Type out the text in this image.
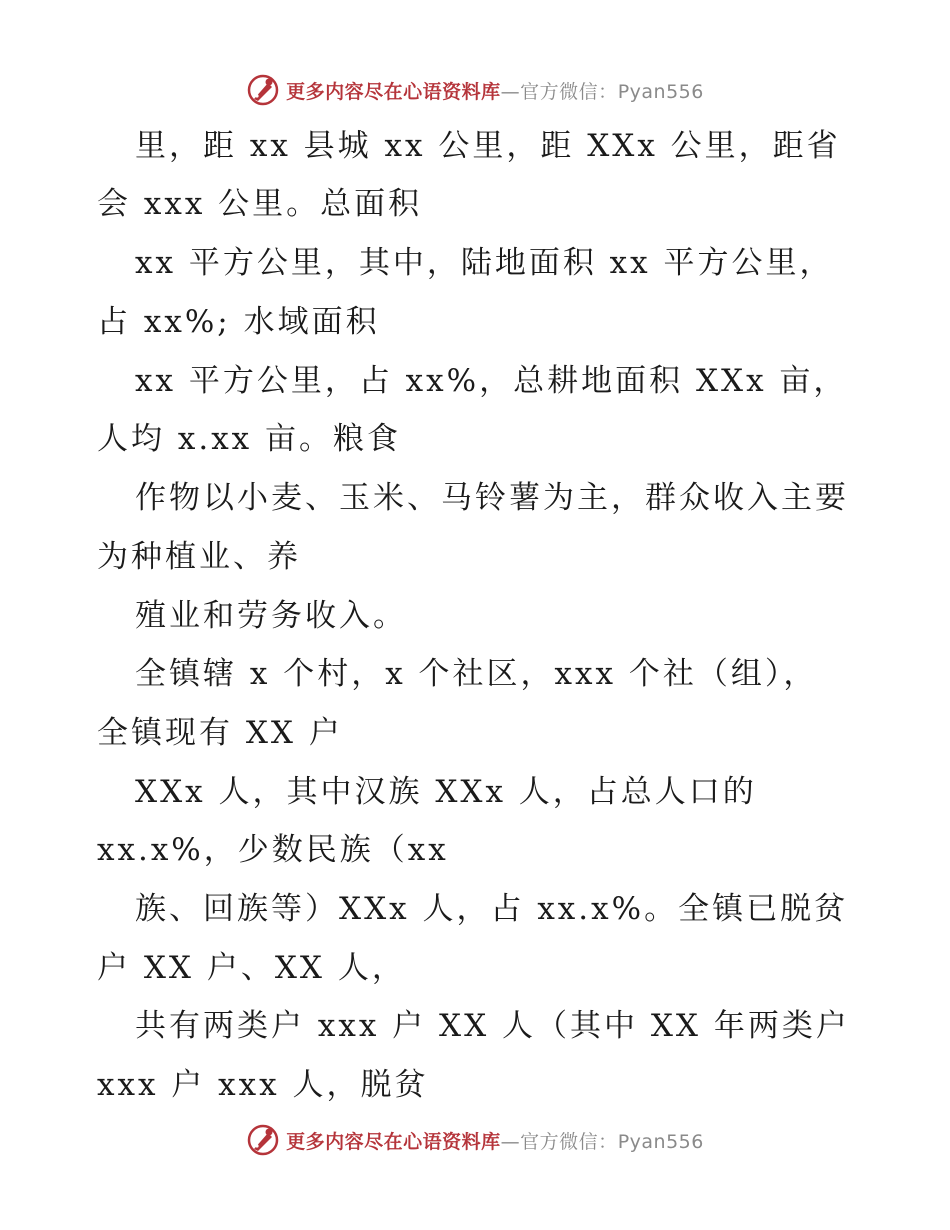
更多内容尽在心语资料库—官方微信：Pyan556
里，距 xx 县城 xx 公里，距 XXx 公里，距省
会 xxx 公里。总面积
xx 平方公里，其中，陆地面积 xx 平方公里，
占 xx%; 水域面积
xx 平方公里，占 xx%，总耕地面积 XXx 亩，
人均 x.xx 亩。粮食
作物以小麦、玉米、马铃薯为主，群众收入主要
为种植业、养
殖业和劳务收入。
全镇辖 x 个村，x 个社区，xxx 个社（组），
全镇现有 XX 户
XXx 人，其中汉族 XXx 人，占总人口的
xx.x%，少数民族（xx
族、回族等）XXx 人，占 xx.x%。全镇已脱贫
户 XX 户、XX 人，
共有两类户 xxx 户 XX 人（其中 XX 年两类户
xxx 户 xxx 人，脱贫
更多内容尽在心语资料库—官方微信：Pyan556
